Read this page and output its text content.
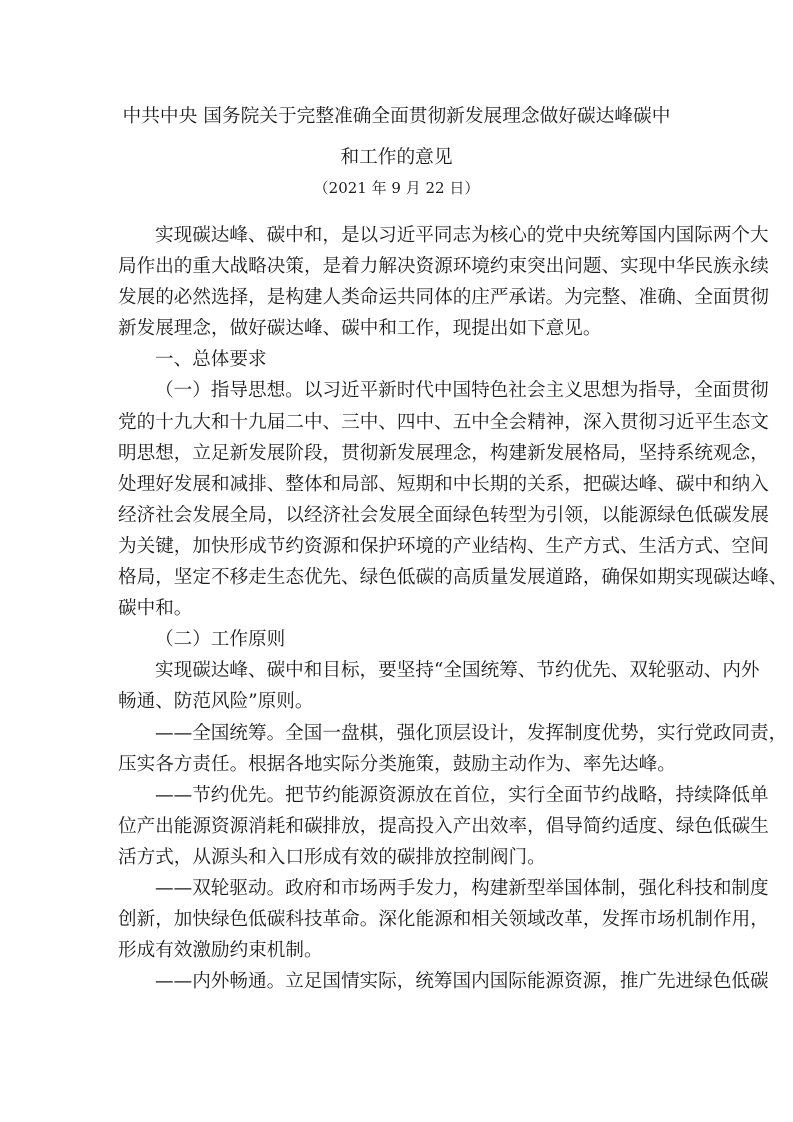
中共中央 国务院关于完整准确全面贯彻新发展理念做好碳达峰碳中
和工作的意见
（2021 年 9 月 22 日）
实现碳达峰、碳中和，是以习近平同志为核心的党中央统筹国内国际两个大
局作出的重大战略决策，是着力解决资源环境约束突出问题、实现中华民族永续
发展的必然选择，是构建人类命运共同体的庄严承诺。为完整、准确、全面贯彻
新发展理念，做好碳达峰、碳中和工作，现提出如下意见。
一、总体要求
（一）指导思想。以习近平新时代中国特色社会主义思想为指导，全面贯彻
党的十九大和十九届二中、三中、四中、五中全会精神，深入贯彻习近平生态文
明思想，立足新发展阶段，贯彻新发展理念，构建新发展格局，坚持系统观念，
处理好发展和减排、整体和局部、短期和中长期的关系，把碳达峰、碳中和纳入
经济社会发展全局，以经济社会发展全面绿色转型为引领，以能源绿色低碳发展
为关键，加快形成节约资源和保护环境的产业结构、生产方式、生活方式、空间
格局，坚定不移走生态优先、绿色低碳的高质量发展道路，确保如期实现碳达峰、
碳中和。
（二）工作原则
实现碳达峰、碳中和目标，要坚持“全国统筹、节约优先、双轮驱动、内外
畅通、防范风险”原则。
——全国统筹。全国一盘棋，强化顶层设计，发挥制度优势，实行党政同责，
压实各方责任。根据各地实际分类施策，鼓励主动作为、率先达峰。
——节约优先。把节约能源资源放在首位，实行全面节约战略，持续降低单
位产出能源资源消耗和碳排放，提高投入产出效率，倡导简约适度、绿色低碳生
活方式，从源头和入口形成有效的碳排放控制阀门。
——双轮驱动。政府和市场两手发力，构建新型举国体制，强化科技和制度
创新，加快绿色低碳科技革命。深化能源和相关领域改革，发挥市场机制作用，
形成有效激励约束机制。
——内外畅通。立足国情实际，统筹国内国际能源资源，推广先进绿色低碳
